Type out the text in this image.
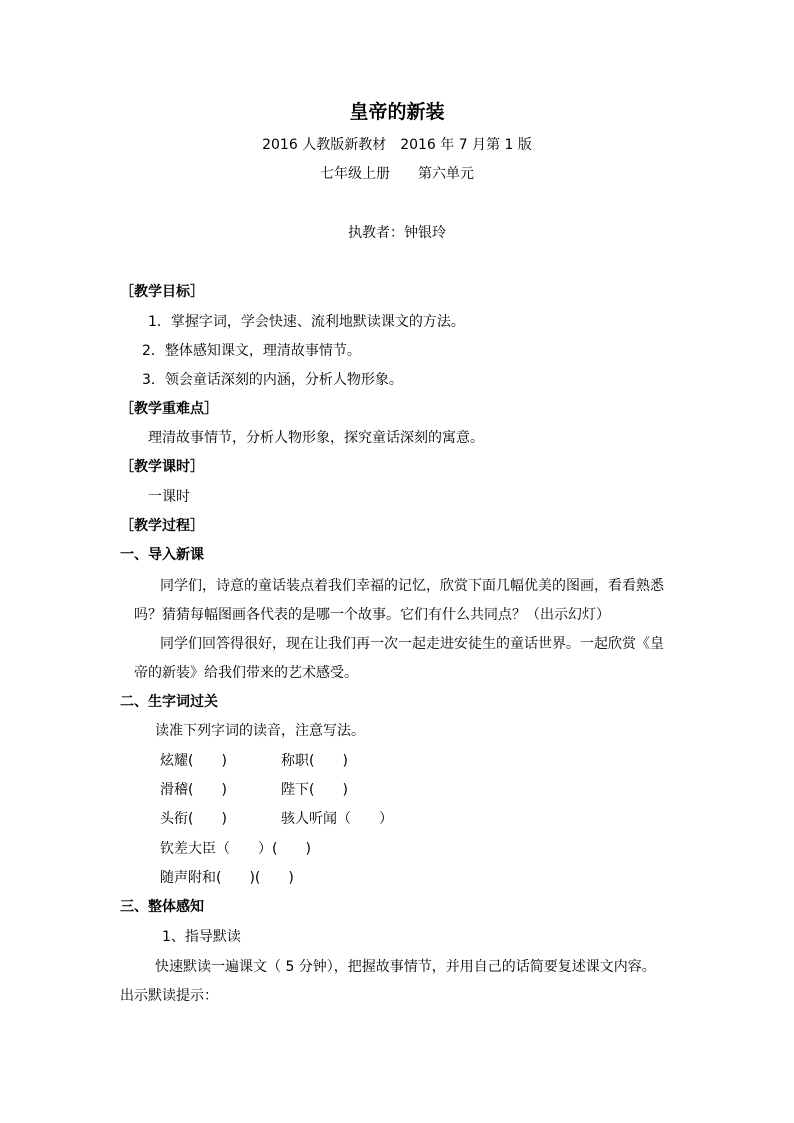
皇帝的新装
2016 人教版新教材　2016 年 7 月第 1 版
七年级上册 第六单元
执教者：钟银玲
［教学目标］
1．掌握字词，学会快速、流利地默读课文的方法。
2．整体感知课文，理清故事情节。
3．领会童话深刻的内涵，分析人物形象。
［教学重难点］
理清故事情节，分析人物形象，探究童话深刻的寓意。
［教学课时］
一课时
［教学过程］
一、导入新课
同学们，诗意的童话装点着我们幸福的记忆，欣赏下面几幅优美的图画，看看熟悉
吗？猜猜每幅图画各代表的是哪一个故事。它们有什么共同点？（出示幻灯）
同学们回答得很好，现在让我们再一次一起走进安徒生的童话世界。一起欣赏《皇
帝的新装》给我们带来的艺术感受。
二、生字词过关
读准下列字词的读音，注意写法。
炫耀(　　)	称职(　　)
滑稽(　　)	陛下(　　)
头衔(　　)	骇人听闻（　　）
钦差大臣（　　）(　　)
随声附和(　　)(　　)
三、整体感知
1、指导默读
快速默读一遍课文（ 5 分钟），把握故事情节，并用自己的话简要复述课文内容。
出示默读提示：
